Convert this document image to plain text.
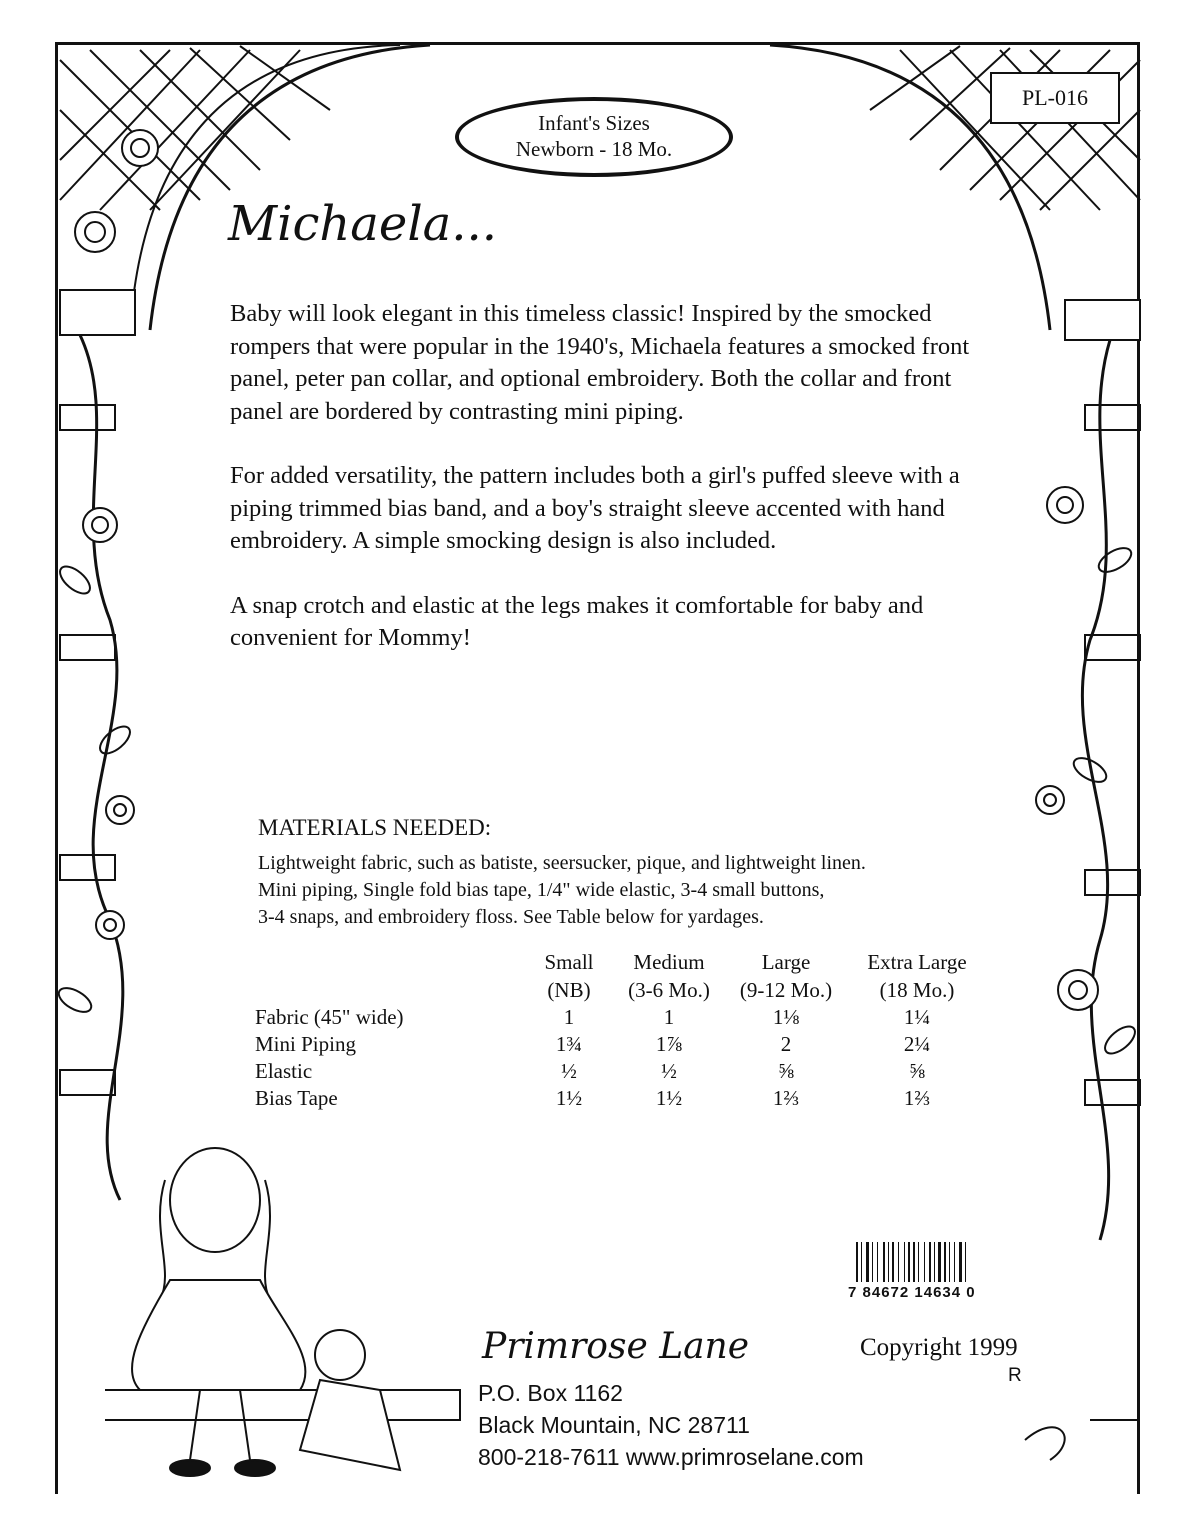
PL-016
Infant's Sizes
Newborn - 18 Mo.
Michaela...

Baby will look elegant in this timeless classic! Inspired by the smocked rompers that were popular in the 1940's, Michaela features a smocked front panel, peter pan collar, and optional embroidery. Both the collar and front panel are bordered by contrasting mini piping.

For added versatility, the pattern includes both a girl's puffed sleeve with a piping trimmed bias band, and a boy's straight sleeve accented with hand embroidery. A simple smocking design is also included.

A snap crotch and elastic at the legs makes it comfortable for baby and convenient for Mommy!

MATERIALS NEEDED:
Lightweight fabric, such as batiste, seersucker, pique, and lightweight linen.
Mini piping, Single fold bias tape, 1/4" wide elastic, 3-4 small buttons,
3-4 snaps, and embroidery floss. See Table below for yardages.
	Small	Medium	Large	Extra Large
	(NB)	(3-6 Mo.)	(9-12 Mo.)	(18 Mo.)
Fabric (45" wide)	1	1	1⅛	1¼
Mini Piping	1¾	1⅞	2	2¼
Elastic	½	½	⅝	⅝
Bias Tape	1½	1½	1⅔	1⅔
7 84672 14634 0
Primrose Lane
P.O. Box 1162
Black Mountain, NC 28711
800-218-7611 www.primroselane.com
Copyright 1999
R
